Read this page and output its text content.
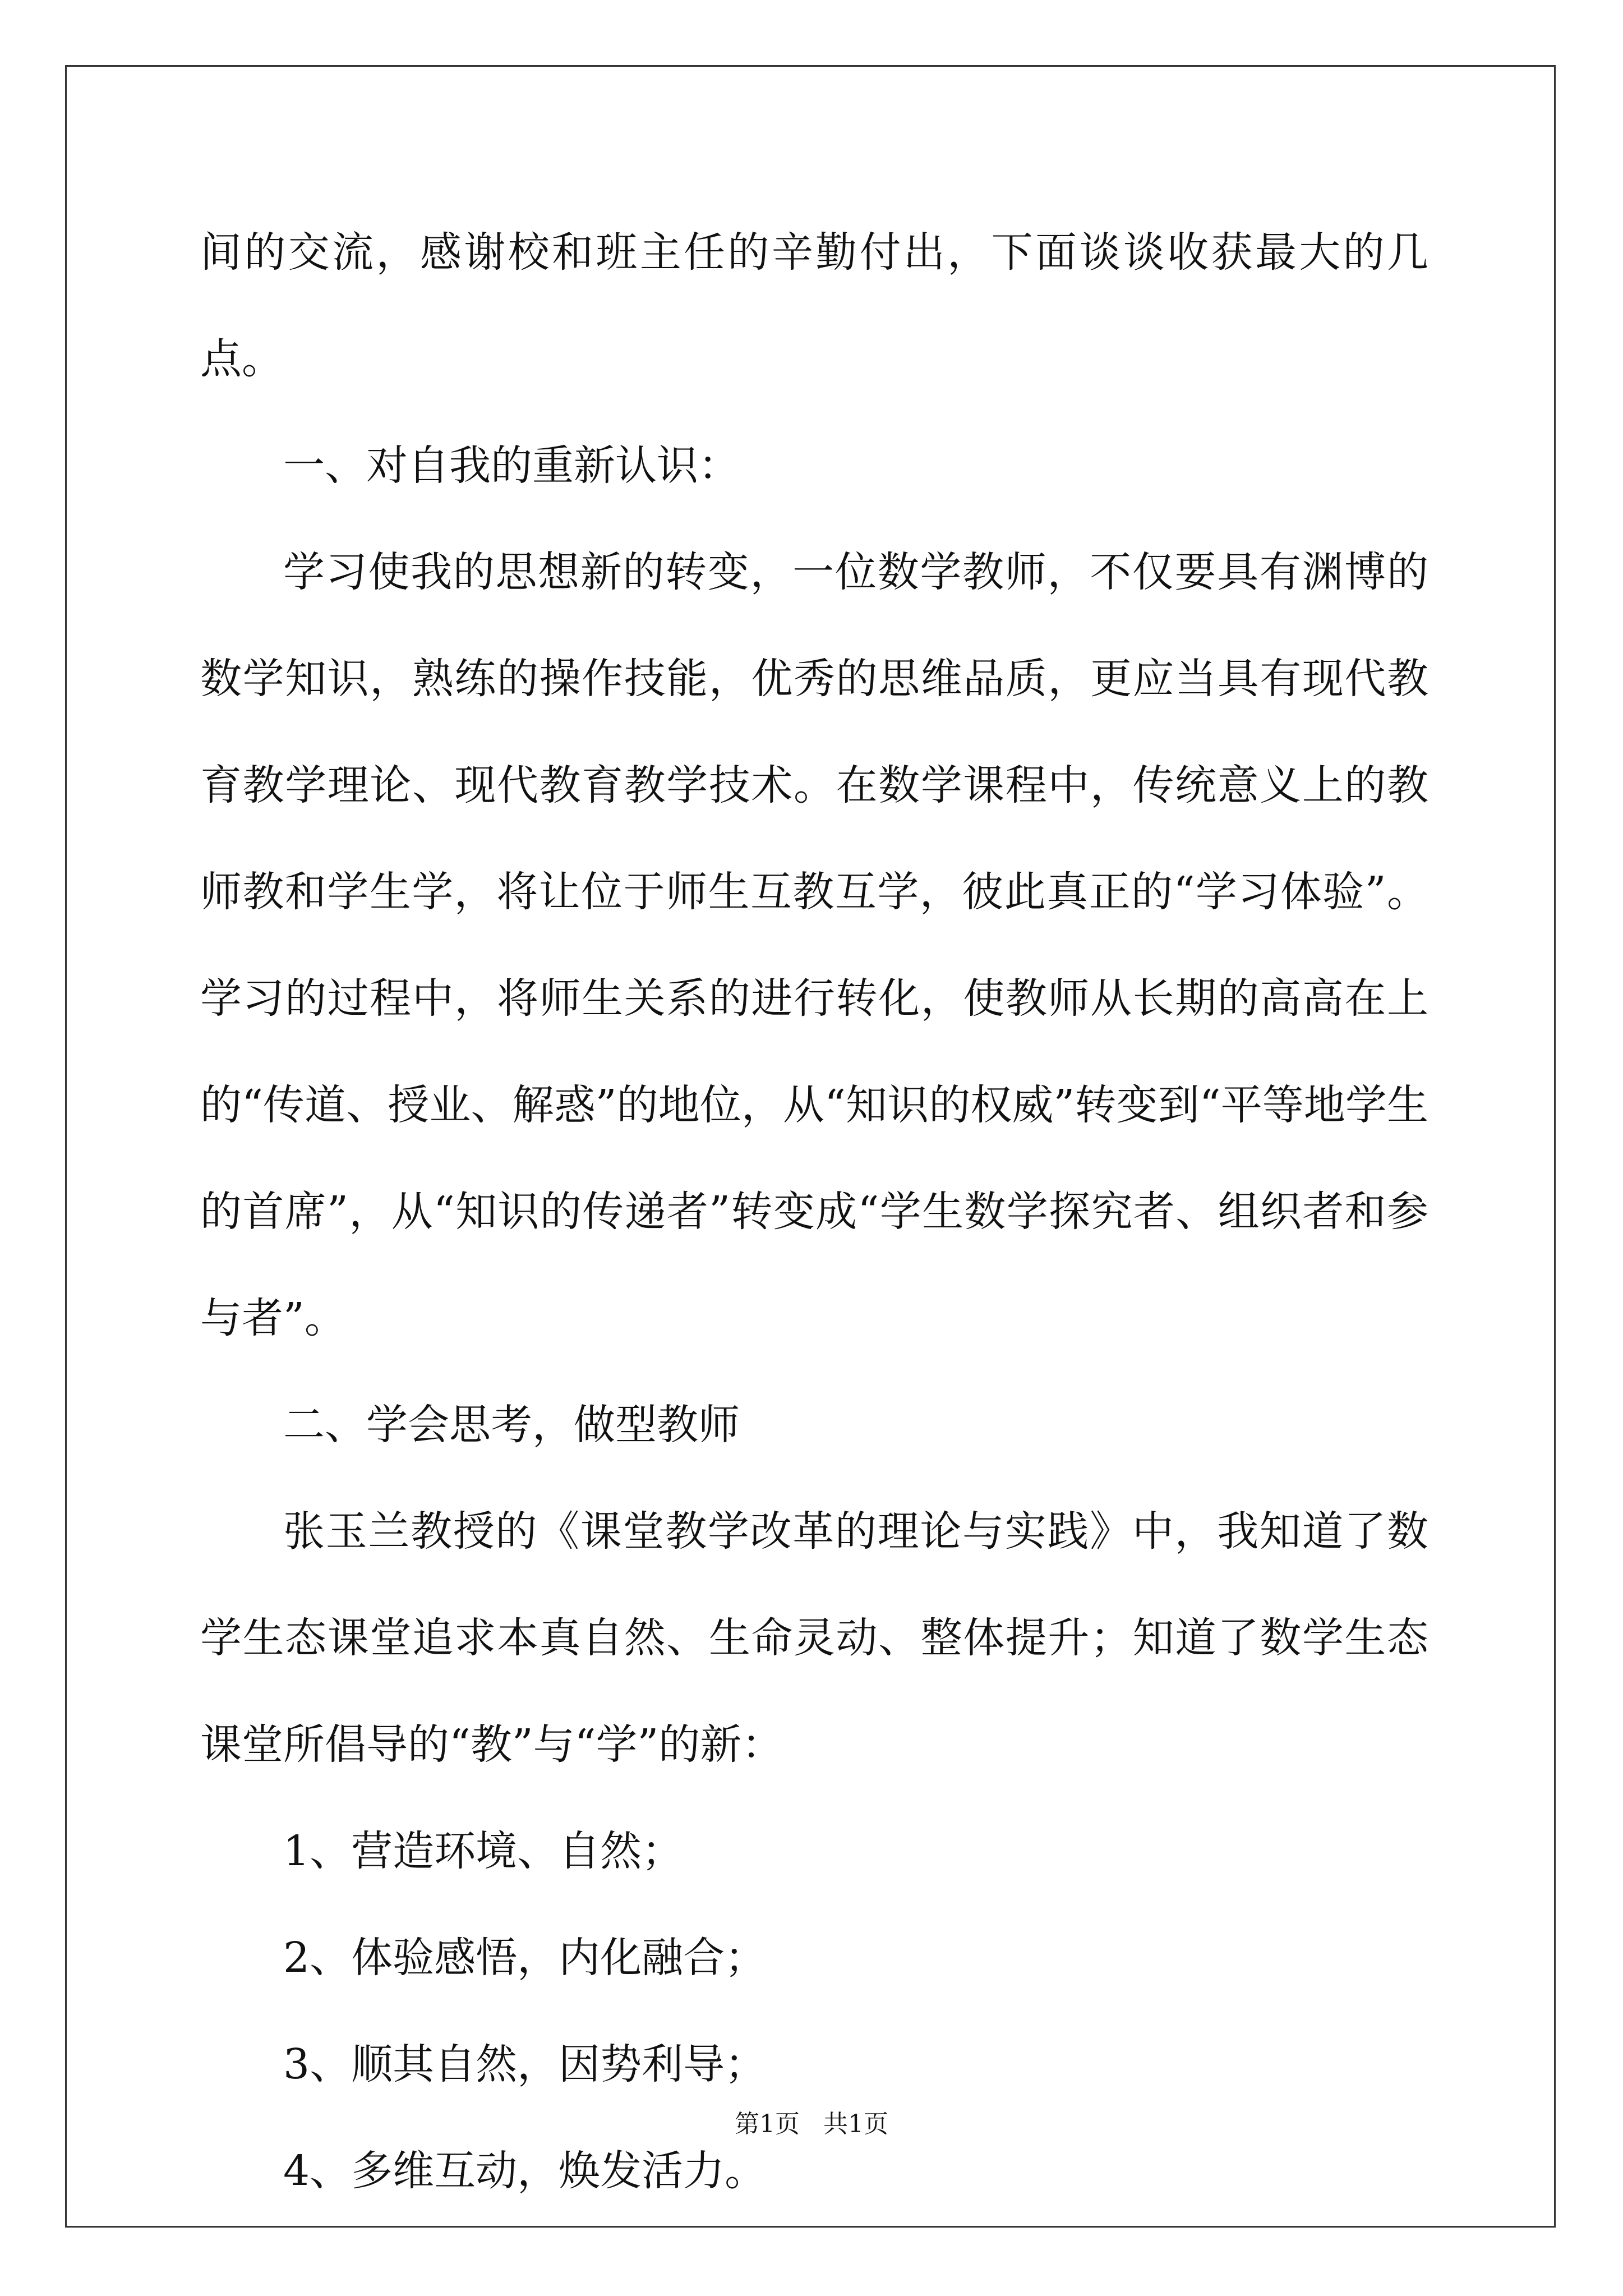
间的交流，感谢校和班主任的辛勤付出，下面谈谈收获最大的几点。

一、对自我的重新认识：

学习使我的思想新的转变，一位数学教师，不仅要具有渊博的数学知识，熟练的操作技能，优秀的思维品质，更应当具有现代教育教学理论、现代教育教学技术。在数学课程中，传统意义上的教师教和学生学，将让位于师生互教互学，彼此真正的“学习体验”。学习的过程中，将师生关系的进行转化，使教师从长期的高高在上的“传道、授业、解惑”的地位，从“知识的权威”转变到“平等地学生的首席”，从“知识的传递者”转变成“学生数学探究者、组织者和参与者”。

二、学会思考，做型教师

张玉兰教授的《课堂教学改革的理论与实践》中，我知道了数学生态课堂追求本真自然、生命灵动、整体提升；知道了数学生态课堂所倡导的“教”与“学”的新：

1、营造环境、自然；

2、体验感悟，内化融合；

3、顺其自然，因势利导；

4、多维互动，焕发活力。

第1页   共1页
